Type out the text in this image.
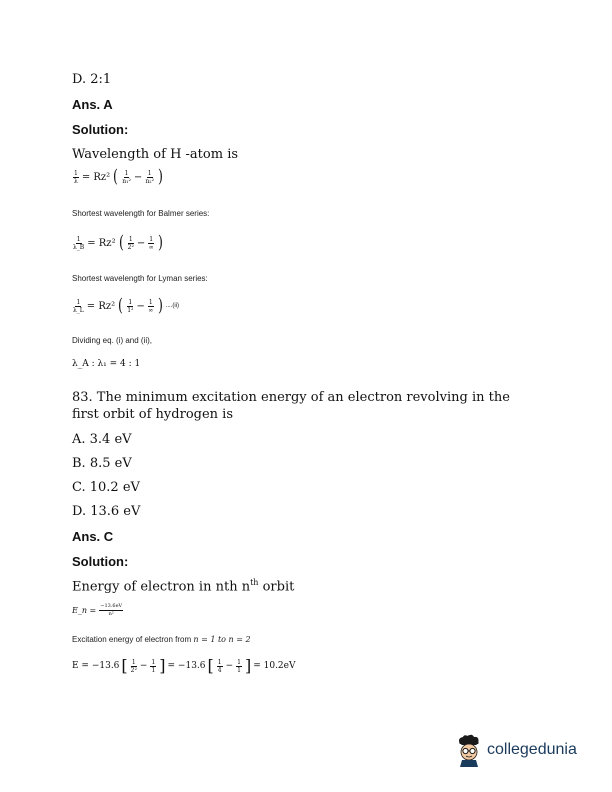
D. 2:1
Ans. A
Solution:
Wavelength of H -atom is
$\frac{1}{\lambda} = Rz^2$ ( $\frac{1}{\text{n₁²}} - \frac{1}{\text{n₂²}}$ )
Shortest wavelength for Balmer series:
$\frac{1}{\lambda\_B} = Rz^2$ ( $\frac{1}{\text{2²}} - \frac{1}{\infty}$ )
Shortest wavelength for Lyman series:
$\frac{1}{\lambda\_L} = Rz^2$ ( $\frac{1}{\text{1²}} - \frac{1}{\infty}$ ) ....(ii)
Dividing eq. (i) and (ii),
λ_A : λ₁ = 4 : 1
83. The minimum excitation energy of an electron revolving in the first orbit of hydrogen is
A. 3.4 eV
B. 8.5 eV
C. 10.2 eV
D. 13.6 eV
Ans. C
Solution:
Energy of electron in nth $n^{th}$ orbit
E_n = $\frac{-13.6eV}{\text{n²}}$
Excitation energy of electron from n = 1 to n = 2
E = −13.6 [ $\frac{1}{\text{2²}} - \frac{1}{1}$ ] = −13.6 [ $\frac{1}{4} - \frac{1}{1}$ ] = 10.2eV
collegedunia
